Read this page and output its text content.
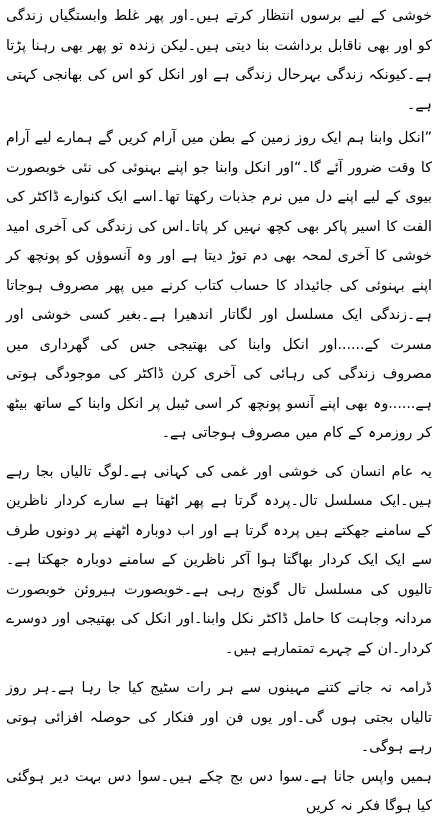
خوشی کے لیے برسوں انتظار کرتے ہیں۔اور پھر غلط وابستگیاں زندگی کو اور بھی ناقابل برداشت بنا دیتی ہیں۔لیکن زندہ تو پھر بھی رہنا پڑتا ہے۔کیونکہ زندگی بہرحال زندگی ہے اور انکل کو اس کی بھانجی کہتی ہے۔

”انکل وابنا ہم ایک روز زمین کے بطن میں آرام کریں گے ہمارے لیے آرام کا وقت ضرور آئے گا۔“اور انکل وابنا جو اپنے بہنوئی کی نئی خوبصورت بیوی کے لیے اپنے دل میں نرم جذبات رکھتا تھا۔اسے ایک کنوارے ڈاکٹر کی الفت کا اسیر پاکر بھی کچھ نہیں کر پاتا۔اس کی زندگی کی آخری امید خوشی کا آخری لمحہ بھی دم توڑ دیتا ہے اور وہ آنسوؤں کو پونچھ کر اپنے بہنوئی کی جائیداد کا حساب کتاب کرنے میں پھر مصروف ہوجاتا ہے۔زندگی ایک مسلسل اور لگاتار اندھیرا ہے۔بغیر کسی خوشی اور مسرت کے......اور انکل وابنا کی بھتیجی جس کی گھرداری میں مصروف زندگی کی رہائی کی آخری کرن ڈاکٹر کی موجودگی ہوتی ہے......وہ بھی اپنے آنسو پونچھ کر اسی ٹیبل پر انکل وابنا کے ساتھ بیٹھ کر روزمرہ کے کام میں مصروف ہوجاتی ہے۔

یہ عام انسان کی خوشی اور غمی کی کہانی ہے۔لوگ تالیاں بجا رہے ہیں۔ایک مسلسل تال۔پردہ گرتا ہے پھر اٹھتا ہے سارے کردار ناظرین کے سامنے جھکتے ہیں پردہ گرتا ہے اور اب دوبارہ اٹھنے پر دونوں طرف سے ایک ایک کردار بھاگتا ہوا آکر ناظرین کے سامنے دوبارہ جھکتا ہے۔تالیوں کی مسلسل تال گونج رہی ہے۔خوبصورت ہیروئن خوبصورت مردانہ وجاہت کا حامل ڈاکٹر نکل وابنا۔اور انکل کی بھتیجی اور دوسرے کردار۔ان کے چہرے تمتمارہے ہیں۔

ڈرامہ نہ جانے کتنے مہینوں سے ہر رات سٹیج کیا جا رہا ہے۔ہر روز تالیاں بجتی ہوں گی۔اور یوں فن اور فنکار کی حوصلہ افزائی ہوتی رہے ہوگی۔

ہمیں واپس جانا ہے۔سوا دس بج چکے ہیں۔سوا دس بہت دیر ہوگئی کیا ہوگا فکر نہ کریں
